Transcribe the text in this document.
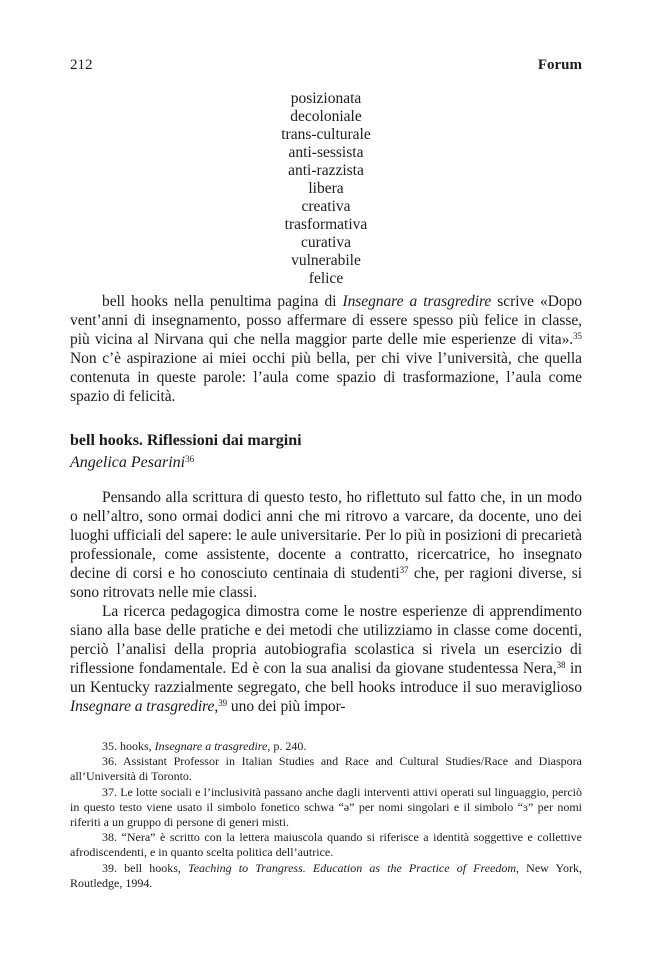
212	Forum
posizionata
decoloniale
trans-culturale
anti-sessista
anti-razzista
libera
creativa
trasformativa
curativa
vulnerabile
felice

bell hooks nella penultima pagina di Insegnare a trasgredire scrive «Dopo vent’anni di insegnamento, posso affermare di essere spesso più felice in classe, più vicina al Nirvana qui che nella maggior parte delle mie esperienze di vita».$^{35}$ Non c’è aspirazione ai miei occhi più bella, per chi vive l’università, che quella contenuta in queste parole: l’aula come spazio di trasformazione, l’aula come spazio di felicità.

bell hooks. Riflessioni dai margini
Angelica Pesarini$^{36}$

Pensando alla scrittura di questo testo, ho riflettuto sul fatto che, in un modo o nell’altro, sono ormai dodici anni che mi ritrovo a varcare, da docente, uno dei luoghi ufficiali del sapere: le aule universitarie. Per lo più in posizioni di precarietà professionale, come assistente, docente a contratto, ricercatrice, ho insegnato decine di corsi e ho conosciuto centinaia di studenti$^{37}$ che, per ragioni diverse, si sono ritrovatɜ nelle mie classi.

La ricerca pedagogica dimostra come le nostre esperienze di apprendimento siano alla base delle pratiche e dei metodi che utilizziamo in classe come docenti, perciò l’analisi della propria autobiografia scolastica si rivela un esercizio di riflessione fondamentale. Ed è con la sua analisi da giovane studentessa Nera,$^{38}$ in un Kentucky razzialmente segregato, che bell hooks introduce il suo meraviglioso Insegnare a trasgredire,$^{39}$ uno dei più impor-

35. hooks, Insegnare a trasgredire, p. 240.

36. Assistant Professor in Italian Studies and Race and Cultural Studies/Race and Diaspora all’Università di Toronto.

37. Le lotte sociali e l’inclusività passano anche dagli interventi attivi operati sul linguaggio, perciò in questo testo viene usato il simbolo fonetico schwa “ə” per nomi singolari e il simbolo “ɜ” per nomi riferiti a un gruppo di persone di generi misti.

38. “Nera” è scritto con la lettera maiuscola quando si riferisce a identità soggettive e collettive afrodiscendenti, e in quanto scelta politica dell’autrice.

39. bell hooks, Teaching to Trangress. Education as the Practice of Freedom, New York, Routledge, 1994.
